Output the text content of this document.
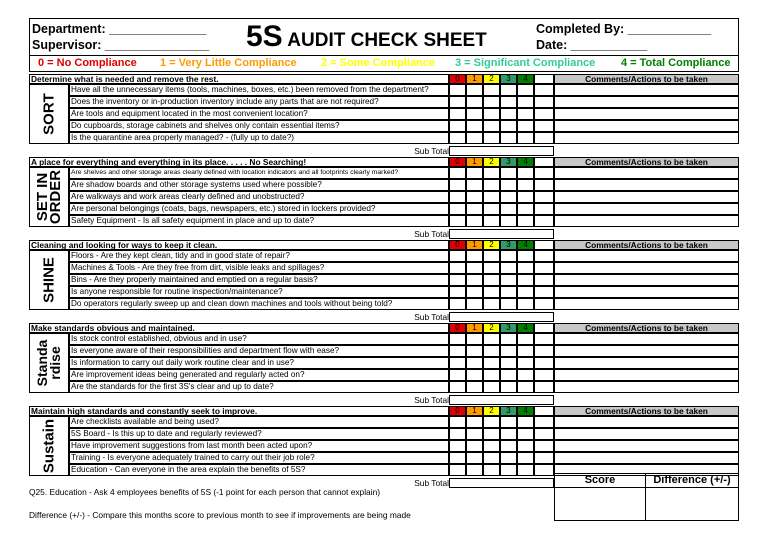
Department: ______________
Supervisor: _______________ 5S AUDIT CHECK SHEET
Completed By: ____________
Date: ___________
0 = No Compliance 1 = Very Little Compliance 2 = Some Compliance 3 = Significant Compliance 4 = Total Compliance
Determine what is needed and remove the rest.	0	1	2	3	4	Comments/Actions to be taken
SORT
Have all the unnecessary items (tools, machines, boxes, etc.) been removed from the department?
Does the inventory or in-production inventory include any parts that are not required?
Are tools and equipment located in the most convenient location?
Do cupboards, storage cabinets and shelves only contain essential items?
Is the quarantine area properly managed? - (fully up to date?)
Sub Total
A place for everything and everything in its place. . . . . No Searching!	0	1	2	3	4	Comments/Actions to be taken
SET IN
ORDER Are shelves and other storage areas clearly defined with location indicators and all footprints clearly marked?
Are shadow boards and other storage systems used where possible?
Are walkways and work areas clearly defined and unobstructed?
Are personal belongings (coats, bags, newspapers, etc.) stored in lockers provided?
Safety Equipment - Is all safety equipment in place and up to date?
Sub Total
Cleaning and looking for ways to keep it clean.	0	1	2	3	4	Comments/Actions to be taken
SHINE
Floors - Are they kept clean, tidy and in good state of repair?
Machines & Tools - Are they free from dirt, visible leaks and spillages?
Bins - Are they properly maintained and emptied on a regular basis?
Is anyone responsible for routine inspection/maintenance?
Do operators regularly sweep up and clean down machines and tools without being told?
Sub Total
Make standards obvious and maintained.	0	1	2	3	4	Comments/Actions to be taken
Standa
rdise
Is stock control established, obvious and in use?
Is everyone aware of their responsibilities and department flow with ease?
Is information to carry out daily work routine clear and in use?
Are improvement ideas being generated and regularly acted on?
Are the standards for the first 3S's clear and up to date?
Sub Total
Maintain high standards and constantly seek to improve.	0	1	2	3	4	Comments/Actions to be taken
Sustain Are checklists available and being used?
5S Board - Is this up to date and regularly reviewed?
Have improvement suggestions from last month been acted upon?
Training - Is everyone adequately trained to carry out their job role?
Education - Can everyone in the area explain the benefits of 5S?
Sub Total
Q25. Education - Ask 4 employees benefits of 5S (-1 point for each person that cannot explain)
Difference (+/-) - Compare this months score to previous month to see if improvements are being made
Score	Difference (+/-)
